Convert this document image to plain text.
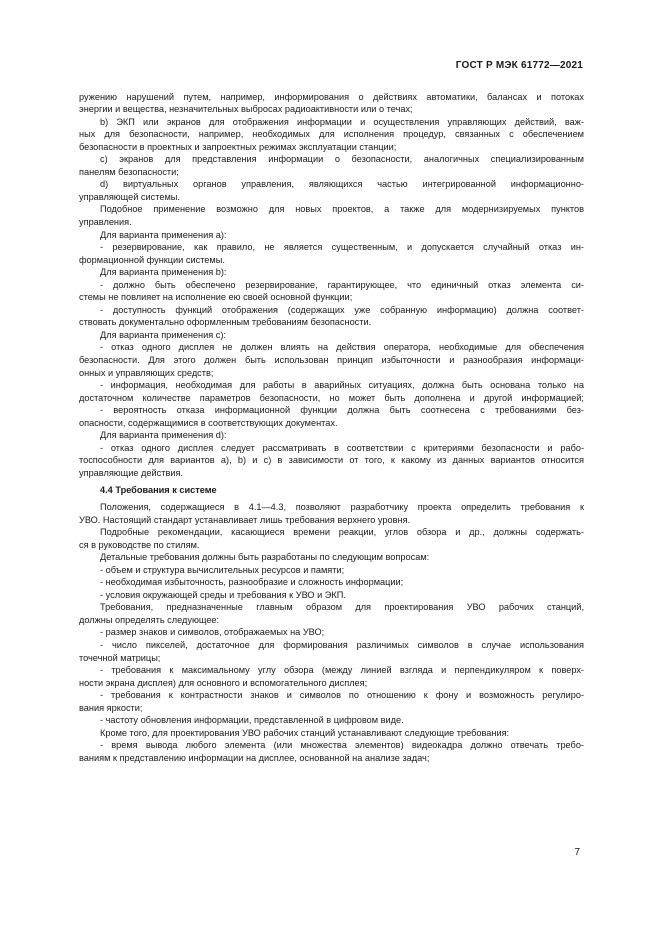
ГОСТ Р МЭК 61772—2021
ружению нарушений путем, например, информирования о действиях автоматики, балансах и потоках
энергии и вещества, незначительных выбросах радиоактивности или о течах;
b) ЭКП или экранов для отображения информации и осуществления управляющих действий, важ-
ных для безопасности, например, необходимых для исполнения процедур, связанных с обеспечением
безопасности в проектных и запроектных режимах эксплуатации станции;
c) экранов для представления информации о безопасности, аналогичных специализированным
панелям безопасности;
d) виртуальных органов управления, являющихся частью интегрированной информационно-
управляющей системы.
Подобное применение возможно для новых проектов, а также для модернизируемых пунктов
управления.
Для варианта применения а):
- резервирование, как правило, не является существенным, и допускается случайный отказ ин-
формационной функции системы.
Для варианта применения b):
- должно быть обеспечено резервирование, гарантирующее, что единичный отказ элемента си-
стемы не повлияет на исполнение ею своей основной функции;
- доступность функций отображения (содержащих уже собранную информацию) должна соответ-
ствовать документально оформленным требованиям безопасности.
Для варианта применения с):
- отказ одного дисплея не должен влиять на действия оператора, необходимые для обеспечения
безопасности. Для этого должен быть использован принцип избыточности и разнообразия информаци-
онных и управляющих средств;
- информация, необходимая для работы в аварийных ситуациях, должна быть основана только на
достаточном количестве параметров безопасности, но может быть дополнена и другой информацией;
- вероятность отказа информационной функции должна быть соотнесена с требованиями без-
опасности, содержащимися в соответствующих документах.
Для варианта применения d):
- отказ одного дисплея следует рассматривать в соответствии с критериями безопасности и рабо-
тоспособности для вариантов а), b) и с) в зависимости от того, к какому из данных вариантов относится
управляющие действия.
4.4 Требования к системе
Положения, содержащиеся в 4.1—4.3, позволяют разработчику проекта определить требования к
УВО. Настоящий стандарт устанавливает лишь требования верхнего уровня.
Подробные рекомендации, касающиеся времени реакции, углов обзора и др., должны содержать-
ся в руководстве по стилям.
Детальные требования должны быть разработаны по следующим вопросам:
- объем и структура вычислительных ресурсов и памяти;
- необходимая избыточность, разнообразие и сложность информации;
- условия окружающей среды и требования к УВО и ЭКП.
Требования, предназначенные главным образом для проектирования УВО рабочих станций,
должны определять следующее:
- размер знаков и символов, отображаемых на УВО;
- число пикселей, достаточное для формирования различимых символов в случае использования
точечной матрицы;
- требования к максимальному углу обзора (между линией взгляда и перпендикуляром к поверх-
ности экрана дисплея) для основного и вспомогательного дисплея;
- требования к контрастности знаков и символов по отношению к фону и возможность регулиро-
вания яркости;
- частоту обновления информации, представленной в цифровом виде.
Кроме того, для проектирования УВО рабочих станций устанавливают следующие требования:
- время вывода любого элемента (или множества элементов) видеокадра должно отвечать требо-
ваниям к представлению информации на дисплее, основанной на анализе задач;
7
